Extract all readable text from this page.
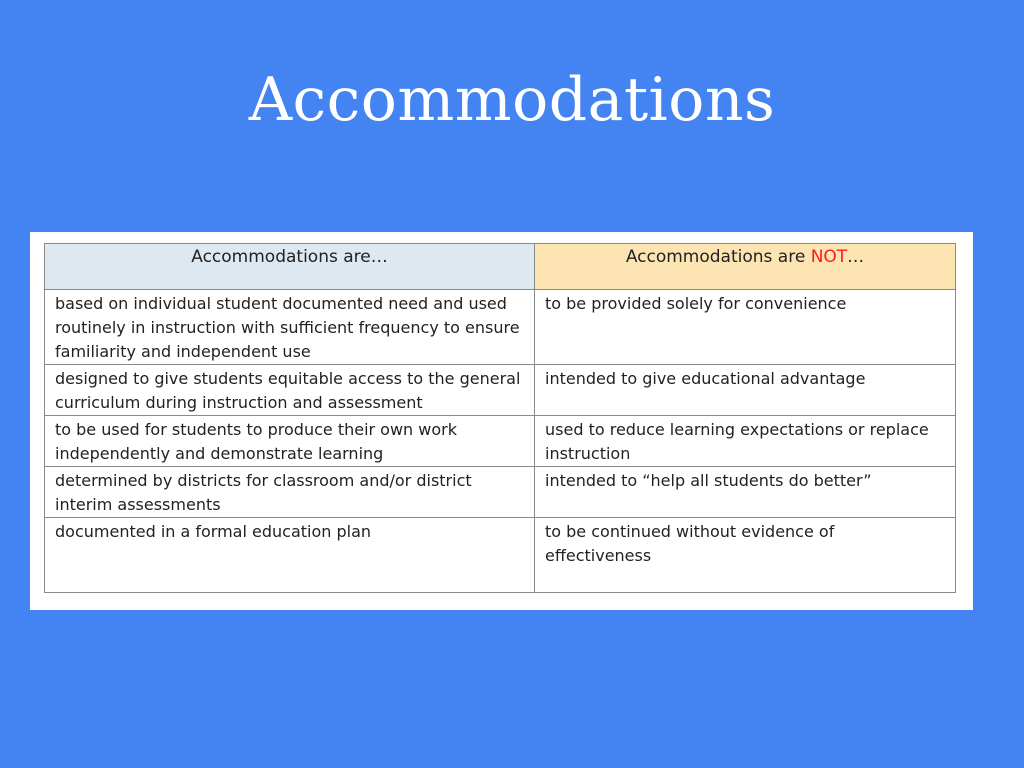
Accommodations
Accommodations are…	Accommodations are NOT…
based on individual student documented need and used routinely in instruction with sufficient frequency to ensure familiarity and independent use	to be provided solely for convenience
designed to give students equitable access to the general curriculum during instruction and assessment	intended to give educational advantage
to be used for students to produce their own work independently and demonstrate learning	used to reduce learning expectations or replace instruction
determined by districts for classroom and/or district interim assessments	intended to “help all students do better”
documented in a formal education plan	to be continued without evidence of effectiveness
